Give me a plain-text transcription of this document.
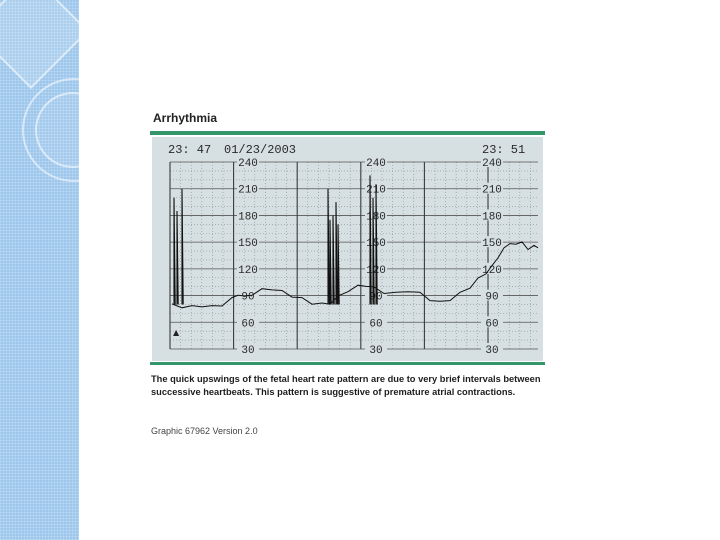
Arrhythmia
240
210
180
150
120
90
60
30
240
210
180
150
120
90
60
30
240
210
180
150
120
90
60
30
23: 47 01/23/2003	23: 51
▲
The quick upswings of the fetal heart rate pattern are due to very brief intervals between successive heartbeats. This pattern is suggestive of premature atrial contractions.
Graphic 67962 Version 2.0
